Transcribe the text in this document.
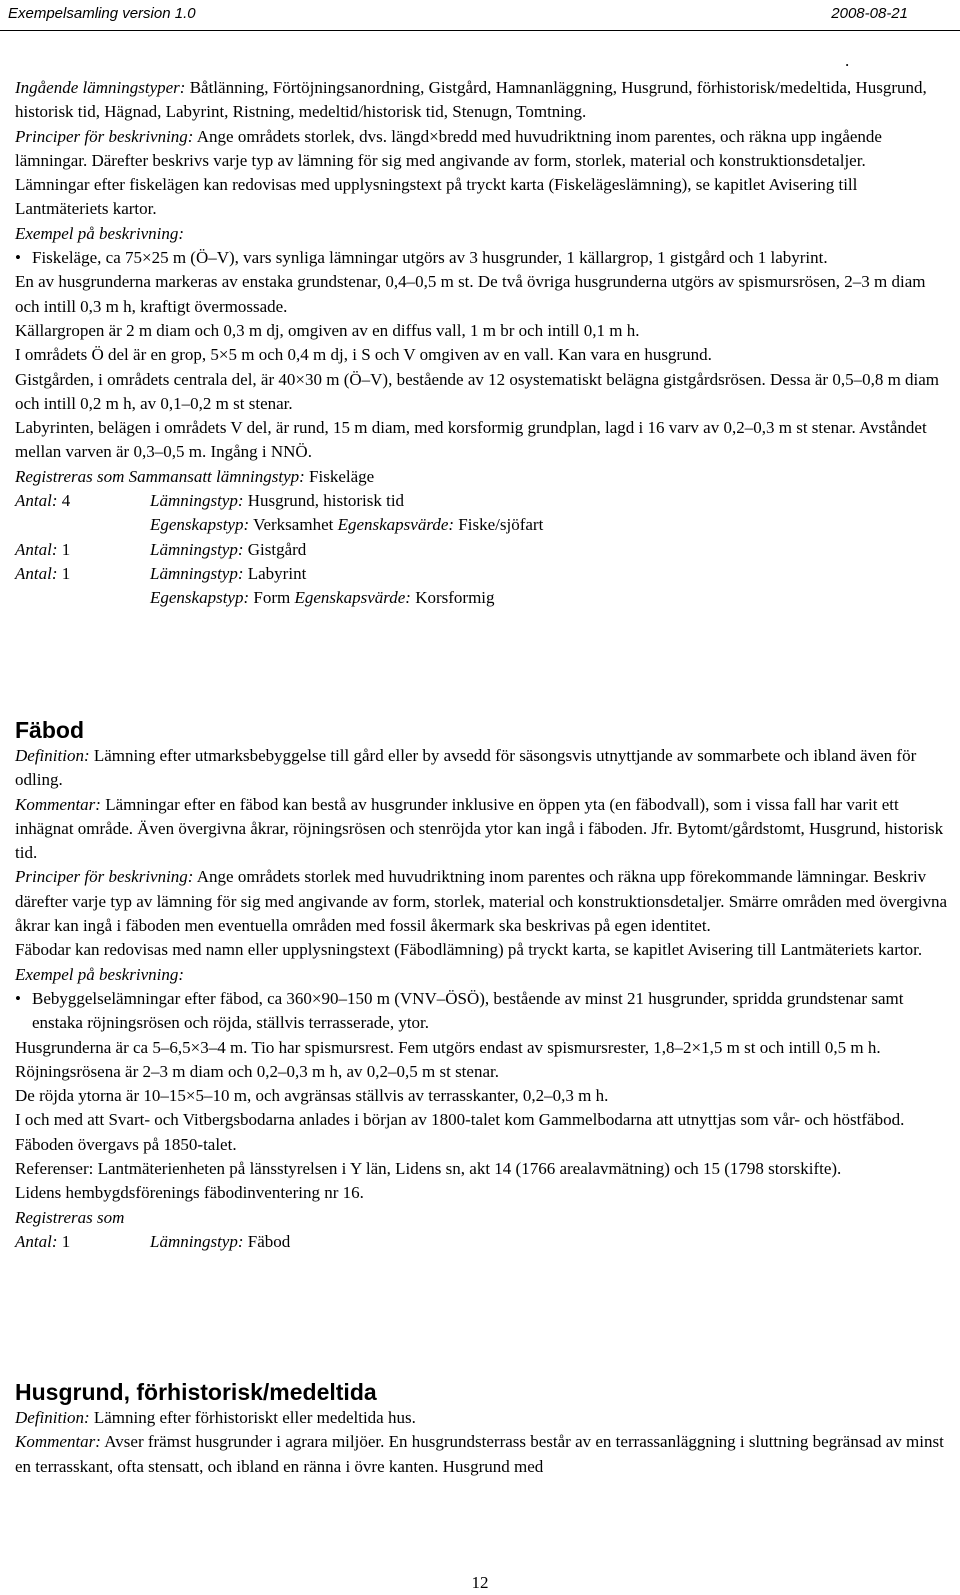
Exempelsamling version 1.0	2008-08-21
.

Ingående lämningstyper: Båtlänning, Förtöjningsanordning, Gistgård, Hamnanläggning, Husgrund, förhistorisk/medeltida, Husgrund, historisk tid, Hägnad, Labyrint, Ristning, medeltid/historisk tid, Stenugn, Tomtning.

Principer för beskrivning: Ange områdets storlek, dvs. längd×bredd med huvudriktning inom parentes, och räkna upp ingående lämningar. Därefter beskrivs varje typ av lämning för sig med angivande av form, storlek, material och konstruktionsdetaljer.

Lämningar efter fiskelägen kan redovisas med upplysningstext på tryckt karta (Fiskelägeslämning), se kapitlet Avisering till Lantmäteriets kartor.

Exempel på beskrivning:

• Fiskeläge, ca 75×25 m (Ö–V), vars synliga lämningar utgörs av 3 husgrunder, 1 källargrop, 1 gistgård och 1 labyrint.

En av husgrunderna markeras av enstaka grundstenar, 0,4–0,5 m st. De två övriga husgrunderna utgörs av spismursrösen, 2–3 m diam och intill 0,3 m h, kraftigt övermossade.

Källargropen är 2 m diam och 0,3 m dj, omgiven av en diffus vall, 1 m br och intill 0,1 m h.

I områdets Ö del är en grop, 5×5 m och 0,4 m dj, i S och V omgiven av en vall. Kan vara en husgrund.

Gistgården, i områdets centrala del, är 40×30 m (Ö–V), bestående av 12 osystematiskt belägna gistgårdsrösen. Dessa är 0,5–0,8 m diam och intill 0,2 m h, av 0,1–0,2 m st stenar.

Labyrinten, belägen i områdets V del, är rund, 15 m diam, med korsformig grundplan, lagd i 16 varv av 0,2–0,3 m st stenar. Avståndet mellan varven är 0,3–0,5 m. Ingång i NNÖ.

Registreras som Sammansatt lämningstyp: Fiskeläge

Antal: 4	Lämningstyp: Husgrund, historisk tid
Egenskapstyp: Verksamhet Egenskapsvärde: Fiske/sjöfart
Antal: 1	Lämningstyp: Gistgård
Antal: 1	Lämningstyp: Labyrint
Egenskapstyp: Form Egenskapsvärde: Korsformig
Fäbod

Definition: Lämning efter utmarksbebyggelse till gård eller by avsedd för säsongsvis utnyttjande av sommarbete och ibland även för odling.

Kommentar: Lämningar efter en fäbod kan bestå av husgrunder inklusive en öppen yta (en fäbodvall), som i vissa fall har varit ett inhägnat område. Även övergivna åkrar, röjningsrösen och stenröjda ytor kan ingå i fäboden. Jfr. Bytomt/gårdstomt, Husgrund, historisk tid.

Principer för beskrivning: Ange områdets storlek med huvudriktning inom parentes och räkna upp förekommande lämningar. Beskriv därefter varje typ av lämning för sig med angivande av form, storlek, material och konstruktionsdetaljer. Smärre områden med övergivna åkrar kan ingå i fäboden men eventuella områden med fossil åkermark ska beskrivas på egen identitet.

Fäbodar kan redovisas med namn eller upplysningstext (Fäbodlämning) på tryckt karta, se kapitlet Avisering till Lantmäteriets kartor.

Exempel på beskrivning:

• Bebyggelselämningar efter fäbod, ca 360×90–150 m (VNV–ÖSÖ), bestående av minst 21 husgrunder, spridda grundstenar samt enstaka röjningsrösen och röjda, ställvis terrasserade, ytor.

Husgrunderna är ca 5–6,5×3–4 m. Tio har spismursrest. Fem utgörs endast av spismursrester, 1,8–2×1,5 m st och intill 0,5 m h.

Röjningsrösena är 2–3 m diam och 0,2–0,3 m h, av 0,2–0,5 m st stenar.

De röjda ytorna är 10–15×5–10 m, och avgränsas ställvis av terrasskanter, 0,2–0,3 m h.

I och med att Svart- och Vitbergsbodarna anlades i början av 1800-talet kom Gammelbodarna att utnyttjas som vår- och höstfäbod. Fäboden övergavs på 1850-talet.

Referenser: Lantmäterienheten på länsstyrelsen i Y län, Lidens sn, akt 14 (1766 arealavmätning) och 15 (1798 storskifte).

Lidens hembygdsförenings fäbodinventering nr 16.

Registreras som

Antal: 1	Lämningstyp: Fäbod
Husgrund, förhistorisk/medeltida

Definition: Lämning efter förhistoriskt eller medeltida hus.

Kommentar: Avser främst husgrunder i agrara miljöer. En husgrundsterrass består av en terrassanläggning i sluttning begränsad av minst en terrasskant, ofta stensatt, och ibland en ränna i övre kanten. Husgrund med

12
